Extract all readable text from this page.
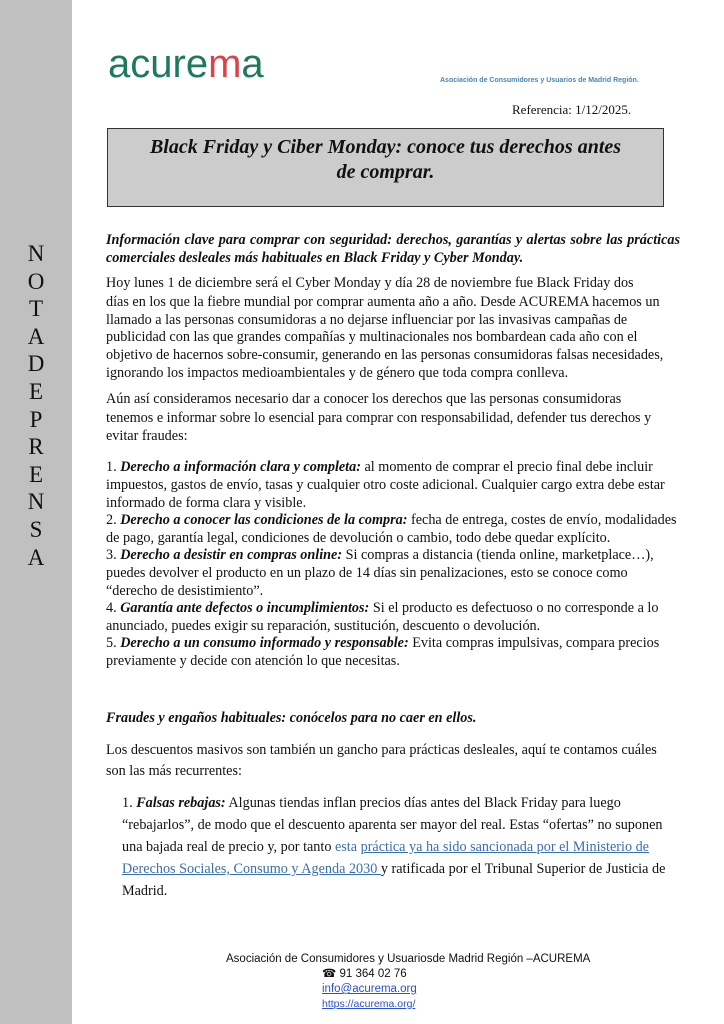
N
O
T
A
D
E
P
R
E
N
S
A
acurema	Asociación de Consumidores y Usuarios de Madrid Región.
Referencia: 1/12/2025.
Black Friday y Ciber Monday: conoce tus derechos antes de comprar.

Información clave para comprar con seguridad: derechos, garantías y alertas sobre las prácticas comerciales desleales más habituales en Black Friday y Cyber Monday.

Hoy lunes 1 de diciembre será el Cyber Monday y día 28 de noviembre fue Black Friday dos
días en los que la fiebre mundial por comprar aumenta año a año. Desde ACUREMA hacemos un llamado a las personas consumidoras a no dejarse influenciar por las invasivas campañas de publicidad con las que grandes compañías y multinacionales nos bombardean cada año con el objetivo de hacernos sobre-consumir, generando en las personas consumidoras falsas necesidades, ignorando los impactos medioambientales y de género que toda compra conlleva.
Aún así consideramos necesario dar a conocer los derechos que las personas consumidoras
tenemos e informar sobre lo esencial para comprar con responsabilidad, defender tus derechos y evitar fraudes:
1. Derecho a información clara y completa: al momento de comprar el precio final debe incluir impuestos, gastos de envío, tasas y cualquier otro coste adicional. Cualquier cargo extra debe estar informado de forma clara y visible.
2. Derecho a conocer las condiciones de la compra: fecha de entrega, costes de envío, modalidades de pago, garantía legal, condiciones de devolución o cambio, todo debe quedar explícito.
3. Derecho a desistir en compras online: Si compras a distancia (tienda online, marketplace…), puedes devolver el producto en un plazo de 14 días sin penalizaciones, esto se conoce como “derecho de desistimiento”.
4. Garantía ante defectos o incumplimientos: Si el producto es defectuoso o no corresponde a lo anunciado, puedes exigir su reparación, sustitución, descuento o devolución.
5. Derecho a un consumo informado y responsable: Evita compras impulsivas, compara precios previamente y decide con atención lo que necesitas.
Fraudes y engaños habituales: conócelos para no caer en ellos.
Los descuentos masivos son también un gancho para prácticas desleales, aquí te contamos cuáles son las más recurrentes:
1. Falsas rebajas: Algunas tiendas inflan precios días antes del Black Friday para luego “rebajarlos”, de modo que el descuento aparenta ser mayor del real. Estas “ofertas” no suponen una bajada real de precio y, por tanto esta práctica ya ha sido sancionada por el Ministerio de Derechos Sociales, Consumo y Agenda 2030 y ratificada por el Tribunal Superior de Justicia de Madrid.
Asociación de Consumidores y Usuariosde Madrid Región –ACUREMA
☎ 91 364 02 76
info@acurema.org
https://acurema.org/
